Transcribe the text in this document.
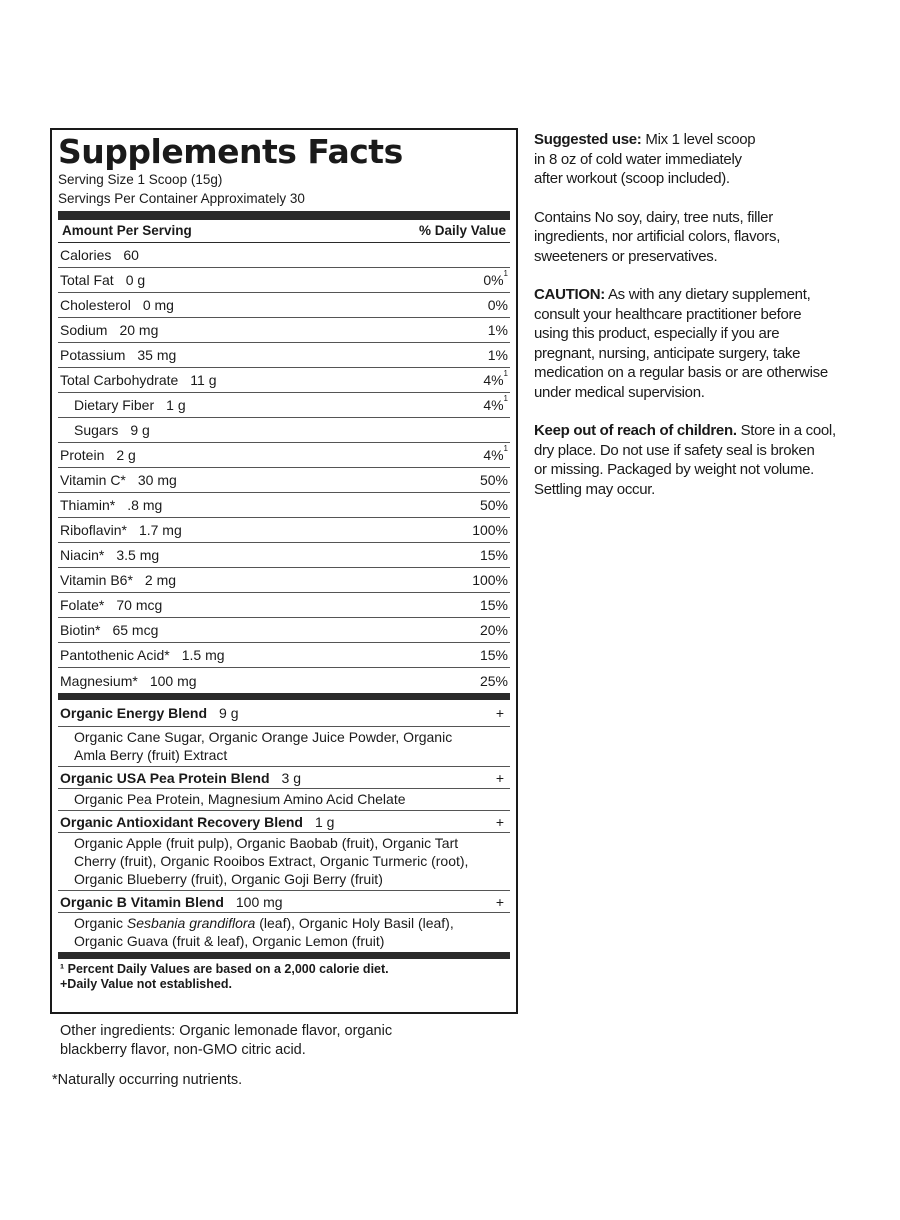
Supplements Facts
Serving Size 1 Scoop (15g)
Servings Per Container Approximately 30
Amount Per Serving	% Daily Value
Calories 60
Total Fat 0 g	0%$^1$
Cholesterol 0 mg	0%
Sodium 20 mg	1%
Potassium 35 mg	1%
Total Carbohydrate 11 g	4%$^1$
Dietary Fiber 1 g	4%$^1$
Sugars 9 g
Protein 2 g	4%$^1$
Vitamin C* 30 mg	50%
Thiamin* .8 mg	50%
Riboflavin* 1.7 mg	100%
Niacin* 3.5 mg	15%
Vitamin B6* 2 mg	100%
Folate* 70 mcg	15%
Biotin* 65 mcg	20%
Pantothenic Acid* 1.5 mg	15%
Magnesium* 100 mg	25%
Organic Energy Blend 9 g	+
Organic Cane Sugar, Organic Orange Juice Powder, Organic
Amla Berry (fruit) Extract
Organic USA Pea Protein Blend 3 g	+
Organic Pea Protein, Magnesium Amino Acid Chelate
Organic Antioxidant Recovery Blend 1 g	+
Organic Apple (fruit pulp), Organic Baobab (fruit), Organic Tart
Cherry (fruit), Organic Rooibos Extract, Organic Turmeric (root),
Organic Blueberry (fruit), Organic Goji Berry (fruit)
Organic B Vitamin Blend 100 mg	+
Organic Sesbania grandiflora (leaf), Organic Holy Basil (leaf),
Organic Guava (fruit & leaf), Organic Lemon (fruit)
¹ Percent Daily Values are based on a 2,000 calorie diet.
+Daily Value not established.
Other ingredients: Organic lemonade flavor, organic
blackberry flavor, non-GMO citric acid.
*Naturally occurring nutrients.

Suggested use: Mix 1 level scoop
in 8 oz of cold water immediately
after workout (scoop included).

Contains No soy, dairy, tree nuts, filler
ingredients, nor artificial colors, flavors,
sweeteners or preservatives.

CAUTION: As with any dietary supplement,
consult your healthcare practitioner before
using this product, especially if you are
pregnant, nursing, anticipate surgery, take
medication on a regular basis or are otherwise
under medical supervision.

Keep out of reach of children. Store in a cool,
dry place. Do not use if safety seal is broken
or missing. Packaged by weight not volume.
Settling may occur.
